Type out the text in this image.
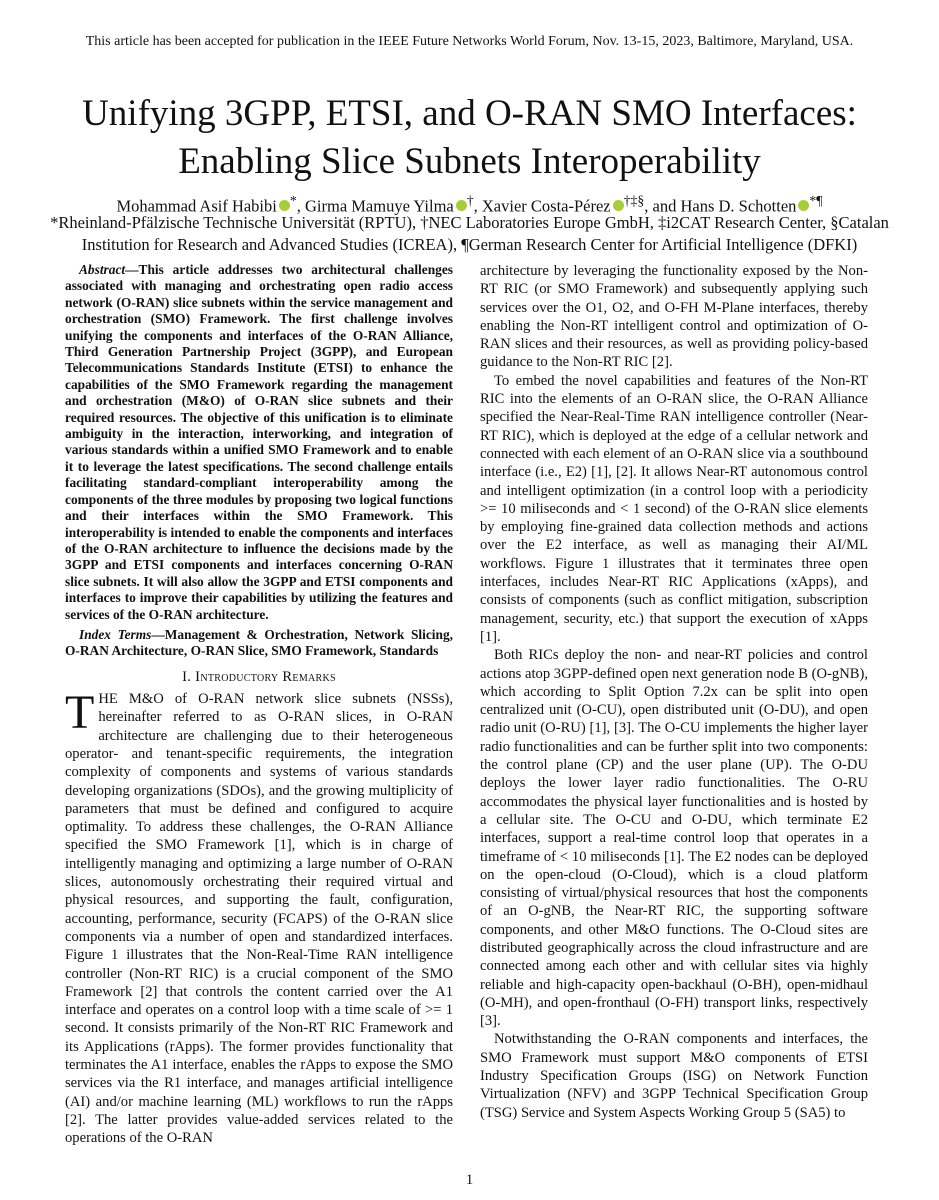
This article has been accepted for publication in the IEEE Future Networks World Forum, Nov. 13-15, 2023, Baltimore, Maryland, USA.
Unifying 3GPP, ETSI, and O-RAN SMO Interfaces:
Enabling Slice Subnets Interoperability
Mohammad Asif Habibi *, Girma Mamuye Yilma †, Xavier Costa-Pérez †‡§, and Hans D. Schotten *¶
*Rheinland-Pfälzische Technische Universität (RPTU), †NEC Laboratories Europe GmbH, ‡i2CAT Research Center, §Catalan
Institution for Research and Advanced Studies (ICREA), ¶German Research Center for Artificial Intelligence (DFKI)

Abstract—This article addresses two architectural challenges associated with managing and orchestrating open radio access network (O-RAN) slice subnets within the service management and orchestration (SMO) Framework. The first challenge involves unifying the components and interfaces of the O-RAN Alliance, Third Generation Partnership Project (3GPP), and European Telecommunications Standards Institute (ETSI) to enhance the capabilities of the SMO Framework regarding the management and orchestration (M&O) of O-RAN slice subnets and their required resources. The objective of this unification is to eliminate ambiguity in the interaction, interworking, and integration of various standards within a unified SMO Framework and to enable it to leverage the latest specifications. The second challenge entails facilitating standard-compliant interoperability among the components of the three modules by proposing two logical functions and their interfaces within the SMO Framework. This interoperability is intended to enable the components and interfaces of the O-RAN architecture to influence the decisions made by the 3GPP and ETSI components and interfaces concerning O-RAN slice subnets. It will also allow the 3GPP and ETSI components and interfaces to improve their capabilities by utilizing the features and services of the O-RAN architecture.

Index Terms—Management & Orchestration, Network Slicing, O-RAN Architecture, O-RAN Slice, SMO Framework, Standards

I. Introductory Remarks

THE M&O of O-RAN network slice subnets (NSSs), hereinafter referred to as O-RAN slices, in O-RAN architecture are challenging due to their heterogeneous operator- and tenant-specific requirements, the integration complexity of components and systems of various standards developing organizations (SDOs), and the growing multiplicity of parameters that must be defined and configured to acquire optimality. To address these challenges, the O-RAN Alliance specified the SMO Framework [1], which is in charge of intelligently managing and optimizing a large number of O-RAN slices, autonomously orchestrating their required virtual and physical resources, and supporting the fault, configuration, accounting, performance, security (FCAPS) of the O-RAN slice components via a number of open and standardized interfaces. Figure 1 illustrates that the Non-Real-Time RAN intelligence controller (Non-RT RIC) is a crucial component of the SMO Framework [2] that controls the content carried over the A1 interface and operates on a control loop with a time scale of >= 1 second. It consists primarily of the Non-RT RIC Framework and its Applications (rApps). The former provides functionality that terminates the A1 interface, enables the rApps to expose the SMO services via the R1 interface, and manages artificial intelligence (AI) and/or machine learning (ML) workflows to run the rApps [2]. The latter provides value-added services related to the operations of the O-RAN

architecture by leveraging the functionality exposed by the Non-RT RIC (or SMO Framework) and subsequently applying such services over the O1, O2, and O-FH M-Plane interfaces, thereby enabling the Non-RT intelligent control and optimization of O-RAN slices and their resources, as well as providing policy-based guidance to the Non-RT RIC [2].

To embed the novel capabilities and features of the Non-RT RIC into the elements of an O-RAN slice, the O-RAN Alliance specified the Near-Real-Time RAN intelligence controller (Near-RT RIC), which is deployed at the edge of a cellular network and connected with each element of an O-RAN slice via a southbound interface (i.e., E2) [1], [2]. It allows Near-RT autonomous control and intelligent optimization (in a control loop with a periodicity >= 10 miliseconds and < 1 second) of the O-RAN slice elements by employing fine-grained data collection methods and actions over the E2 interface, as well as managing their AI/ML workflows. Figure 1 illustrates that it terminates three open interfaces, includes Near-RT RIC Applications (xApps), and consists of components (such as conflict mitigation, subscription management, security, etc.) that support the execution of xApps [1].

Both RICs deploy the non- and near-RT policies and control actions atop 3GPP-defined open next generation node B (O-gNB), which according to Split Option 7.2x can be split into open centralized unit (O-CU), open distributed unit (O-DU), and open radio unit (O-RU) [1], [3]. The O-CU implements the higher layer radio functionalities and can be further split into two components: the control plane (CP) and the user plane (UP). The O-DU deploys the lower layer radio functionalities. The O-RU accommodates the physical layer functionalities and is hosted by a cellular site. The O-CU and O-DU, which terminate E2 interfaces, support a real-time control loop that operates in a timeframe of < 10 miliseconds [1]. The E2 nodes can be deployed on the open-cloud (O-Cloud), which is a cloud platform consisting of virtual/physical resources that host the components of an O-gNB, the Near-RT RIC, the supporting software components, and other M&O functions. The O-Cloud sites are distributed geographically across the cloud infrastructure and are connected among each other and with cellular sites via highly reliable and high-capacity open-backhaul (O-BH), open-midhaul (O-MH), and open-fronthaul (O-FH) transport links, respectively [3].

Notwithstanding the O-RAN components and interfaces, the SMO Framework must support M&O components of ETSI Industry Specification Groups (ISG) on Network Function Virtualization (NFV) and 3GPP Technical Specification Group (TSG) Service and System Aspects Working Group 5 (SA5) to

1
